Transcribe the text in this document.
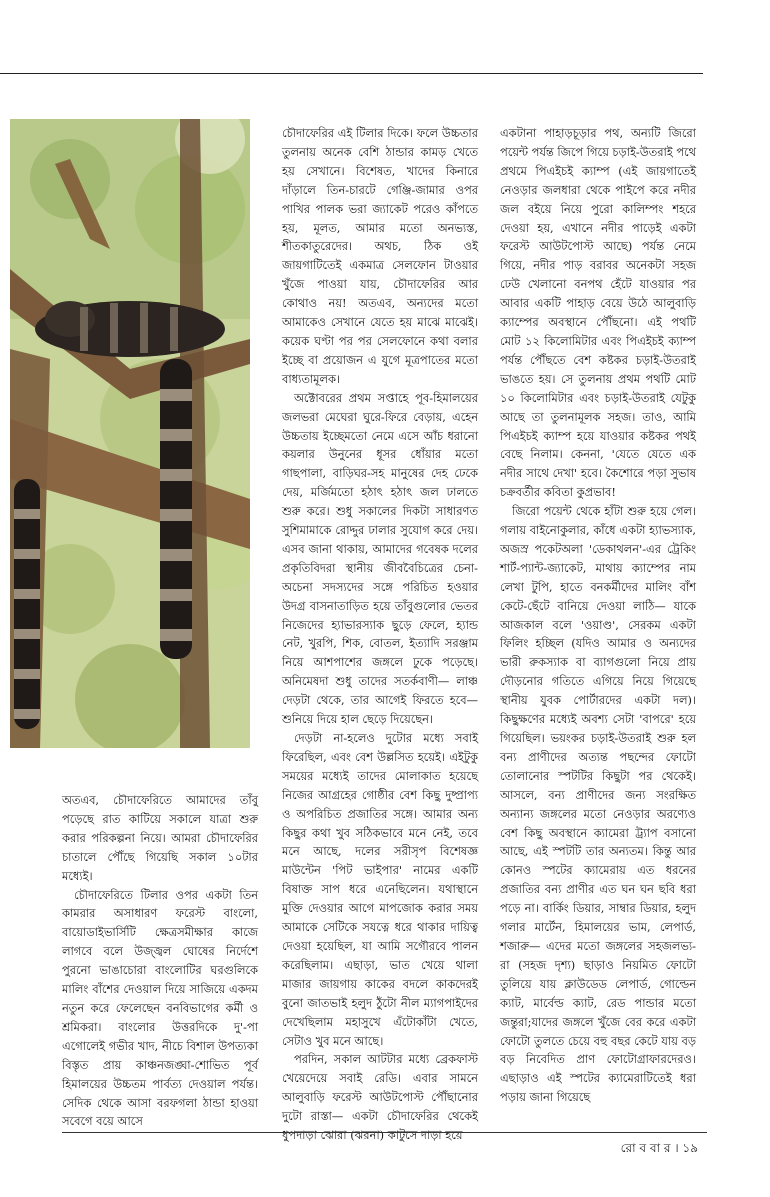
অতএব, চৌদাফেরিতে আমাদের তাঁবু পড়েছে রাত কাটিয়ে সকালে যাত্রা শুরু করার পরিকল্পনা নিয়ে। আমরা চৌদাফেরির চাতালে পৌঁছে গিয়েছি সকাল ১০টার মধ্যেই।

চৌদাফেরিতে টিলার ওপর একটা তিন কামরার অসাধারণ ফরেস্ট বাংলো, বায়োডাইভার্সিটি ক্ষেত্রসমীক্ষার কাজে লাগবে বলে উজ্জ্বল ঘোষের নির্দেশে পুরনো ভাঙাচোরা বাংলোটির ঘরগুলিকে মালিং বাঁশের দেওয়াল দিয়ে সাজিয়ে একদম নতুন করে ফেলেছেন বনবিভাগের কর্মী ও শ্রমিকরা। বাংলোর উত্তরদিকে দু'-পা এগোলেই গভীর খাদ, নীচে বিশাল উপত্যকা বিস্তৃত প্রায় কাঞ্চনজঙ্ঘা-শোভিত পূর্ব হিমালয়ের উচ্চতম পার্বত্য দেওয়াল পর্যন্ত। সেদিক থেকে আসা বরফগলা ঠান্ডা হাওয়া সবেগে বয়ে আসে

চৌদাফেরির এই টিলার দিকে। ফলে উচ্চতার তুলনায় অনেক বেশি ঠান্ডার কামড় খেতে হয় সেখানে। বিশেষত, খাদের কিনারে দাঁড়ালে তিন-চারটে গেঞ্জি-জামার ওপর পাখির পালক ভরা জ্যাকেট পরেও কাঁপতে হয়, মূলত, আমার মতো অনভ্যস্ত, শীতকাতুরেদের। অথচ, ঠিক ওই জায়গাটিতেই একমাত্র সেলফোন টাওয়ার খুঁজে পাওয়া যায়, চৌদাফেরির আর কোথাও নয়! অতএব, অন্যদের মতো আমাকেও সেখানে যেতে হয় মাঝে মাঝেই। কয়েক ঘণ্টা পর পর সেলফোনে কথা বলার ইচ্ছে বা প্রয়োজন এ যুগে মূত্রপাতের মতো বাধ্যতামূলক।

অক্টোবরের প্রথম সপ্তাহে পূব-হিমালয়ের জলভরা মেঘেরা ঘুরে-ফিরে বেড়ায়, এহেন উচ্চতায় ইচ্ছেমতো নেমে এসে আঁচ ধরানো কয়লার উনুনের ধূসর ধোঁয়ার মতো গাছপালা, বাড়িঘর-সহ মানুষের দেহ ঢেকে দেয়, মর্জিমতো হঠাৎ হঠাৎ জল ঢালতে শুরু করে। শুধু সকালের দিকটা সাধারণত সুশিমামাকে রোদ্দুর ঢালার সুযোগ করে দেয়। এসব জানা থাকায়, আমাদের গবেষক দলের প্রকৃতিবিদরা স্থানীয় জীববৈচিত্রের চেনা-অচেনা সদস্যদের সঙ্গে পরিচিত হওয়ার উদগ্র বাসনাতাড়িত হয়ে তাঁবুগুলোর ভেতর নিজেদের হ্যাভারস্যাক ছুড়ে ফেলে, হ্যান্ড নেট, খুরপি, শিক, বোতল, ইত্যাদি সরঞ্জাম নিয়ে আশপাশের জঙ্গলে ঢুকে পড়েছে। অনিমেষদা শুধু তাদের সতর্কবাণী— লাঞ্চ দেড়টা থেকে, তার আগেই ফিরতে হবে— শুনিয়ে দিয়ে হাল ছেড়ে দিয়েছেন।

দেড়টা না-হলেও দুটোর মধ্যে সবাই ফিরেছিল, এবং বেশ উল্লসিত হয়েই। এইটুকু সময়ের মধ্যেই তাদের মোলাকাত হয়েছে নিজের আগ্রহের গোষ্ঠীর বেশ কিছু দুষ্প্রাপ্য ও অপরিচিত প্রজাতির সঙ্গে। আমার অন্য কিছুর কথা খুব সঠিকভাবে মনে নেই, তবে মনে আছে, দলের সরীসৃপ বিশেষজ্ঞ মাউন্টেন 'পিট ভাইপার' নামের একটি বিষাক্ত সাপ ধরে এনেছিলেন। যথাস্থানে মুক্তি দেওয়ার আগে মাপজোক করার সময় আমাকে সেটিকে সযত্নে ধরে থাকার দায়িত্ব দেওয়া হয়েছিল, যা আমি সগৌরবে পালন করেছিলাম। এছাড়া, ভাত খেয়ে থালা মাজার জায়গায় কাকের বদলে কাকদেরই বুনো জাতভাই হলুদ ঠুঁটো নীল ম্যাগপাইদের দেখেছিলাম মহাসুখে এঁটোকাঁটা খেতে, সেটাও খুব মনে আছে।

পরদিন, সকাল আটটার মধ্যে ব্রেকফাস্ট খেয়েদেয়ে সবাই রেডি। এবার সামনে আলুবাড়ি ফরেস্ট আউটপোস্ট পৌঁছানোর দুটো রাস্তা— একটা চৌদাফেরির থেকেই ধুপদাড়া ঝোরা (ঝরনা) কাটুসে দাড়া হয়ে

একটানা পাহাড়চূড়ার পথ, অন্যটি জিরো পয়েন্ট পর্যন্ত জিপে গিয়ে চড়াই-উতরাই পথে প্রথমে পিএইচই ক্যাম্প (এই জায়গাতেই নেওড়ার জলধারা থেকে পাইপে করে নদীর জল বইয়ে নিয়ে পুরো কালিম্পং শহরে দেওয়া হয়, এখানে নদীর পাড়েই একটা ফরেস্ট আউটপোস্ট আছে) পর্যন্ত নেমে গিয়ে, নদীর পাড় বরাবর অনেকটা সহজ ঢেউ খেলানো বনপথ হেঁটে যাওয়ার পর আবার একটি পাহাড় বেয়ে উঠে আলুবাড়ি ক্যাম্পের অবস্থানে পৌঁছনো। এই পথটি মোট ১২ কিলোমিটার এবং পিএইচই ক্যাম্প পর্যন্ত পৌঁছতে বেশ কষ্টকর চড়াই-উতরাই ভাঙতে হয়। সে তুলনায় প্রথম পথটি মোট ১০ কিলোমিটার এবং চড়াই-উতরাই যেটুকু আছে তা তুলনামূলক সহজ। তাও, আমি পিএইচই ক্যাম্প হয়ে যাওয়ার কষ্টকর পথই বেছে নিলাম। কেননা, 'যেতে যেতে এক নদীর সাথে দেখা' হবে। কৈশোরে পড়া সুভাষ চক্রবর্তীর কবিতা কুপ্রভাব!

জিরো পয়েন্ট থেকে হাঁটা শুরু হয়ে গেল। গলায় বাইনোকুলার, কাঁধে একটা হ্যাভস্যাক, অজস্র পকেটঅলা 'ডেকাথলন'-এর ট্রেকিং শার্ট-প্যান্ট-জ্যাকেট, মাথায় ক্যাম্পের নাম লেখা টুপি, হাতে বনকর্মীদের মালিং বাঁশ কেটে-ছেঁটে বানিয়ে দেওয়া লাঠি— যাকে আজকাল বলে 'ওয়াণ্ড', সেরকম একটা ফিলিং হচ্ছিল (যদিও আমার ও অন্যদের ভারী রুকস্যাক বা ব্যাগগুলো নিয়ে প্রায় দৌড়নোর গতিতে এগিয়ে নিয়ে গিয়েছে স্থানীয় যুবক পোর্টারদের একটা দল)। কিছুক্ষণের মধ্যেই অবশ্য সেটা 'বাপরে' হয়ে গিয়েছিল। ভয়ংকর চড়াই-উতরাই শুরু হল বন্য প্রাণীদের অত্যন্ত পছন্দের ফোটো তোলানোর স্পটটির কিছুটা পর থেকেই। আসলে, বন্য প্রাণীদের জন্য সংরক্ষিত অন্যান্য জঙ্গলের মতো নেওড়ার অরণ্যেও বেশ কিছু অবস্থানে ক্যামেরা ট্র্যাপ বসানো আছে, এই স্পটটি তার অন্যতম। কিন্তু আর কোনও স্পটের ক্যামেরায় এত ধরনের প্রজাতির বন্য প্রাণীর এত ঘন ঘন ছবি ধরা পড়ে না। বার্কিং ডিয়ার, সাম্বার ডিয়ার, হলুদ গলার মার্টেন, হিমালয়ের ভাম, লেপার্ড, শজারু— এদের মতো জঙ্গলের সহজলভ্য-রা (সহজ দৃশ্য) ছাড়াও নিয়মিত ফোটো তুলিয়ে যায় ক্লাউডেড লেপার্ড, গোল্ডেন ক্যাট, মার্বেল্ড ক্যাট, রেড পান্ডার মতো জন্তুরা;যাদের জঙ্গলে খুঁজে বের করে একটা ফোটো তুলতে চেয়ে বহু বছর কেটে যায় বড় বড় নিবেদিত প্রাণ ফোটোগ্রাফারদেরও। এছাড়াও এই স্পটের ক্যামেরাটিতেই ধরা পড়ায় জানা গিয়েছে

রো ব বা র । ১৯
